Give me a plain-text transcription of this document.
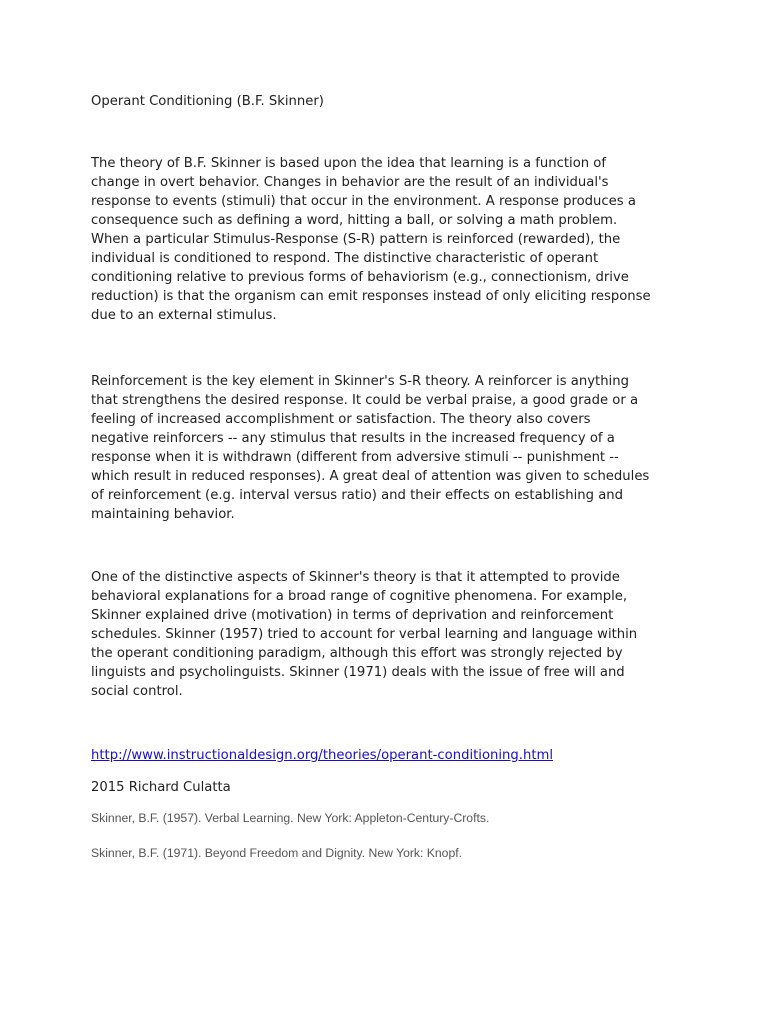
Operant Conditioning (B.F. Skinner)

The theory of B.F. Skinner is based upon the idea that learning is a function of
change in overt behavior. Changes in behavior are the result of an individual's
response to events (stimuli) that occur in the environment. A response produces a
consequence such as defining a word, hitting a ball, or solving a math problem.
When a particular Stimulus-Response (S-R) pattern is reinforced (rewarded), the
individual is conditioned to respond. The distinctive characteristic of operant
conditioning relative to previous forms of behaviorism (e.g., connectionism, drive
reduction) is that the organism can emit responses instead of only eliciting response
due to an external stimulus.

Reinforcement is the key element in Skinner's S-R theory. A reinforcer is anything
that strengthens the desired response. It could be verbal praise, a good grade or a
feeling of increased accomplishment or satisfaction. The theory also covers
negative reinforcers -- any stimulus that results in the increased frequency of a
response when it is withdrawn (different from adversive stimuli -- punishment --
which result in reduced responses). A great deal of attention was given to schedules
of reinforcement (e.g. interval versus ratio) and their effects on establishing and
maintaining behavior.

One of the distinctive aspects of Skinner's theory is that it attempted to provide
behavioral explanations for a broad range of cognitive phenomena. For example,
Skinner explained drive (motivation) in terms of deprivation and reinforcement
schedules. Skinner (1957) tried to account for verbal learning and language within
the operant conditioning paradigm, although this effort was strongly rejected by
linguists and psycholinguists. Skinner (1971) deals with the issue of free will and
social control.

http://www.instructionaldesign.org/theories/operant-conditioning.html
2015 Richard Culatta
Skinner, B.F. (1957). Verbal Learning. New York: Appleton-Century-Crofts.
Skinner, B.F. (1971). Beyond Freedom and Dignity. New York: Knopf.
